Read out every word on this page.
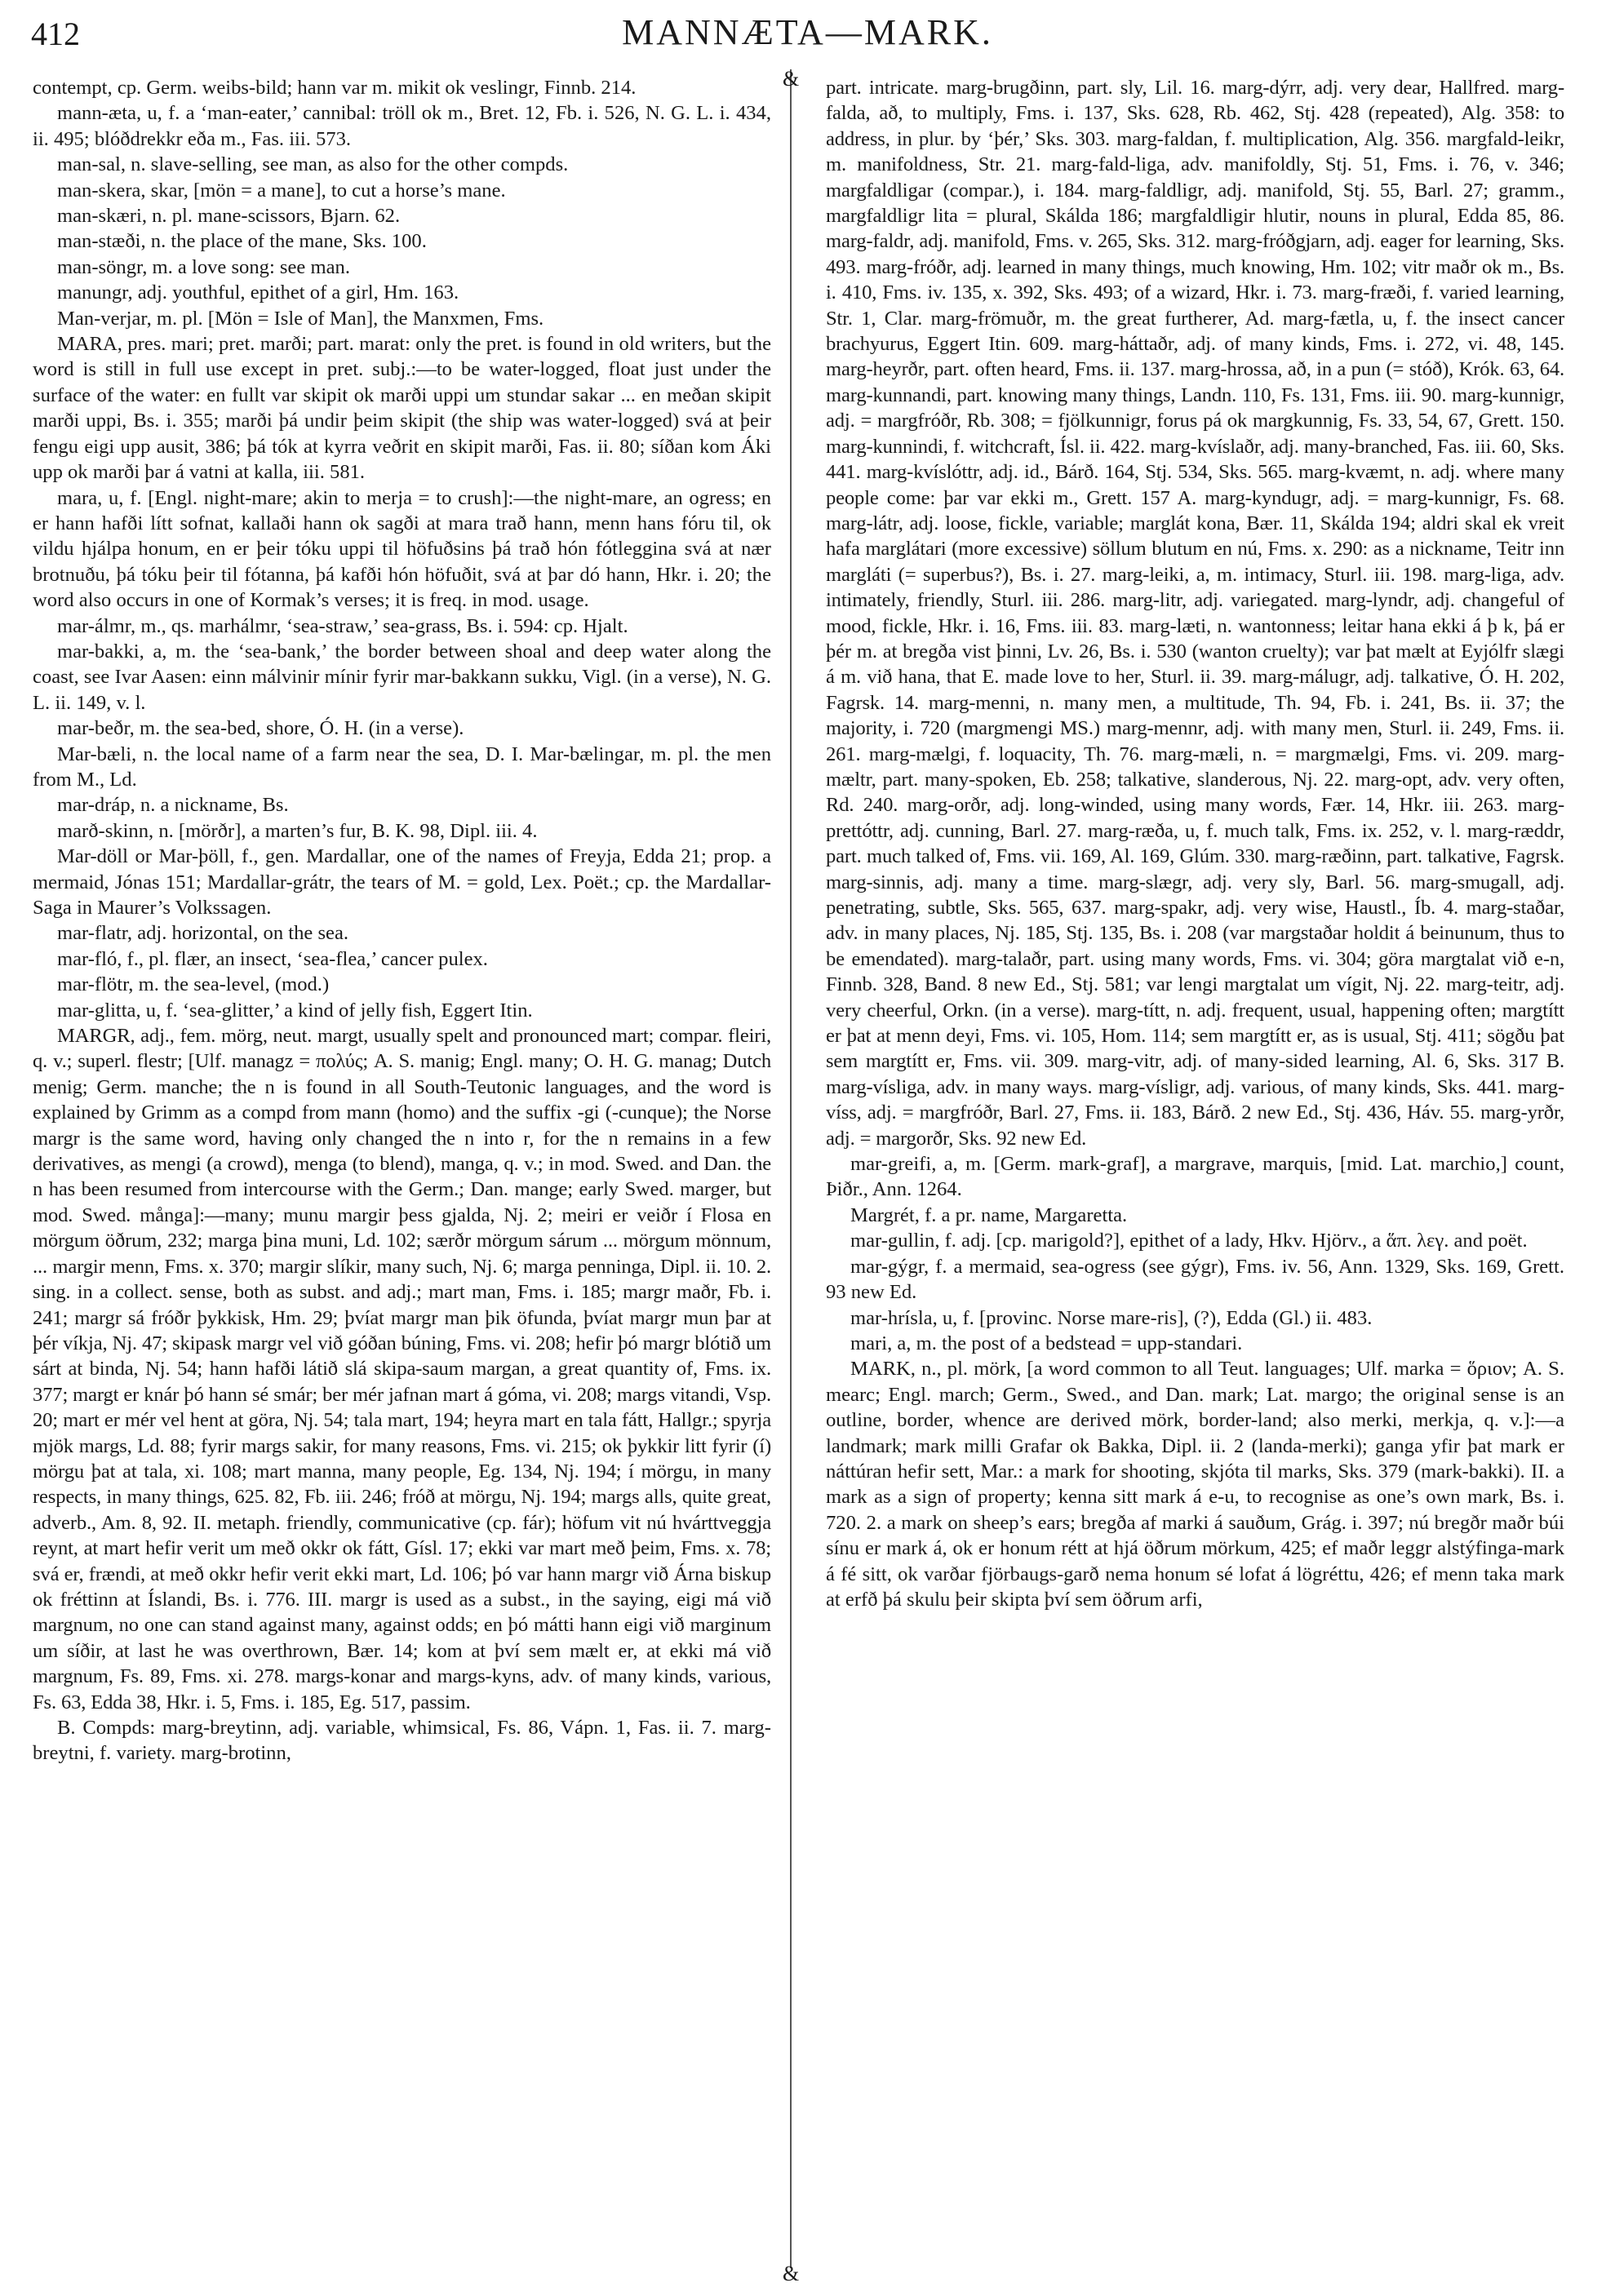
412	MANNÆTA—MARK.
&
&

contempt, cp. Germ. weibs-bild; hann var m. mikit ok veslingr, Finnb. 214.

mann-æta, u, f. a ‘man-eater,’ cannibal: tröll ok m., Bret. 12, Fb. i. 526, N. G. L. i. 434, ii. 495; blóðdrekkr eða m., Fas. iii. 573.

man-sal, n. slave-selling, see man, as also for the other compds.

man-skera, skar, [mön = a mane], to cut a horse’s mane.

man-skæri, n. pl. mane-scissors, Bjarn. 62.

man-stæði, n. the place of the mane, Sks. 100.

man-söngr, m. a love song: see man.

manungr, adj. youthful, epithet of a girl, Hm. 163.

Man-verjar, m. pl. [Mön = Isle of Man], the Manxmen, Fms.

MARA, pres. mari; pret. marði; part. marat: only the pret. is found in old writers, but the word is still in full use except in pret. subj.:—to be water-logged, float just under the surface of the water: en fullt var skipit ok marði uppi um stundar sakar ... en meðan skipit marði uppi, Bs. i. 355; marði þá undir þeim skipit (the ship was water-logged) svá at þeir fengu eigi upp ausit, 386; þá tók at kyrra veðrit en skipit marði, Fas. ii. 80; síðan kom Áki upp ok marði þar á vatni at kalla, iii. 581.

mara, u, f. [Engl. night-mare; akin to merja = to crush]:—the night-mare, an ogress; en er hann hafði lítt sofnat, kallaði hann ok sagði at mara trað hann, menn hans fóru til, ok vildu hjálpa honum, en er þeir tóku uppi til höfuðsins þá trað hón fótleggina svá at nær brotnuðu, þá tóku þeir til fótanna, þá kafði hón höfuðit, svá at þar dó hann, Hkr. i. 20; the word also occurs in one of Kormak’s verses; it is freq. in mod. usage.

mar-álmr, m., qs. marhálmr, ‘sea-straw,’ sea-grass, Bs. i. 594: cp. Hjalt.

mar-bakki, a, m. the ‘sea-bank,’ the border between shoal and deep water along the coast, see Ivar Aasen: einn málvinir mínir fyrir mar-bakkann sukku, Vigl. (in a verse), N. G. L. ii. 149, v. l.

mar-beðr, m. the sea-bed, shore, Ó. H. (in a verse).

Mar-bæli, n. the local name of a farm near the sea, D. I. Mar-bælingar, m. pl. the men from M., Ld.

mar-dráp, n. a nickname, Bs.

marð-skinn, n. [mörðr], a marten’s fur, B. K. 98, Dipl. iii. 4.

Mar-döll or Mar-þöll, f., gen. Mardallar, one of the names of Freyja, Edda 21; prop. a mermaid, Jónas 151; Mardallar-grátr, the tears of M. = gold, Lex. Poët.; cp. the Mardallar-Saga in Maurer’s Volkssagen.

mar-flatr, adj. horizontal, on the sea.

mar-fló, f., pl. flær, an insect, ‘sea-flea,’ cancer pulex.

mar-flötr, m. the sea-level, (mod.)

mar-glitta, u, f. ‘sea-glitter,’ a kind of jelly fish, Eggert Itin.

MARGR, adj., fem. mörg, neut. margt, usually spelt and pronounced mart; compar. fleiri, q. v.; superl. flestr; [Ulf. managz = πολύς; A. S. manig; Engl. many; O. H. G. manag; Dutch menig; Germ. manche; the n is found in all South-Teutonic languages, and the word is explained by Grimm as a compd from mann (homo) and the suffix -gi (-cunque); the Norse margr is the same word, having only changed the n into r, for the n remains in a few derivatives, as mengi (a crowd), menga (to blend), manga, q. v.; in mod. Swed. and Dan. the n has been resumed from intercourse with the Germ.; Dan. mange; early Swed. marger, but mod. Swed. många]:—many; munu margir þess gjalda, Nj. 2; meiri er veiðr í Flosa en mörgum öðrum, 232; marga þina muni, Ld. 102; særðr mörgum sárum ... mörgum mönnum, ... margir menn, Fms. x. 370; margir slíkir, many such, Nj. 6; marga penninga, Dipl. ii. 10. 2. sing. in a collect. sense, both as subst. and adj.; mart man, Fms. i. 185; margr maðr, Fb. i. 241; margr sá fróðr þykkisk, Hm. 29; þvíat margr man þik öfunda, þvíat margr mun þar at þér víkja, Nj. 47; skipask margr vel við góðan búning, Fms. vi. 208; hefir þó margr blótið um sárt at binda, Nj. 54; hann hafði látið slá skipa-saum margan, a great quantity of, Fms. ix. 377; margt er knár þó hann sé smár; ber mér jafnan mart á góma, vi. 208; margs vitandi, Vsp. 20; mart er mér vel hent at göra, Nj. 54; tala mart, 194; heyra mart en tala fátt, Hallgr.; spyrja mjök margs, Ld. 88; fyrir margs sakir, for many reasons, Fms. vi. 215; ok þykkir litt fyrir (í) mörgu þat at tala, xi. 108; mart manna, many people, Eg. 134, Nj. 194; í mörgu, in many respects, in many things, 625. 82, Fb. iii. 246; fróð at mörgu, Nj. 194; margs alls, quite great, adverb., Am. 8, 92. II. metaph. friendly, communicative (cp. fár); höfum vit nú hvárttveggja reynt, at mart hefir verit um með okkr ok fátt, Gísl. 17; ekki var mart með þeim, Fms. x. 78; svá er, frændi, at með okkr hefir verit ekki mart, Ld. 106; þó var hann margr við Árna biskup ok fréttinn at Íslandi, Bs. i. 776. III. margr is used as a subst., in the saying, eigi má við margnum, no one can stand against many, against odds; en þó mátti hann eigi við marginum um síðir, at last he was overthrown, Bær. 14; kom at því sem mælt er, at ekki má við margnum, Fs. 89, Fms. xi. 278. margs-konar and margs-kyns, adv. of many kinds, various, Fs. 63, Edda 38, Hkr. i. 5, Fms. i. 185, Eg. 517, passim.

B. Compds: marg-breytinn, adj. variable, whimsical, Fs. 86, Vápn. 1, Fas. ii. 7. marg-breytni, f. variety. marg-brotinn,

part. intricate. marg-brugðinn, part. sly, Lil. 16. marg-dýrr, adj. very dear, Hallfred. marg-falda, að, to multiply, Fms. i. 137, Sks. 628, Rb. 462, Stj. 428 (repeated), Alg. 358: to address, in plur. by ‘þér,’ Sks. 303. marg-faldan, f. multiplication, Alg. 356. margfald-leikr, m. manifoldness, Str. 21. marg-fald-liga, adv. manifoldly, Stj. 51, Fms. i. 76, v. 346; margfaldligar (compar.), i. 184. marg-faldligr, adj. manifold, Stj. 55, Barl. 27; gramm., margfaldligr lita = plural, Skálda 186; margfaldligir hlutir, nouns in plural, Edda 85, 86. marg-faldr, adj. manifold, Fms. v. 265, Sks. 312. marg-fróðgjarn, adj. eager for learning, Sks. 493. marg-fróðr, adj. learned in many things, much knowing, Hm. 102; vitr maðr ok m., Bs. i. 410, Fms. iv. 135, x. 392, Sks. 493; of a wizard, Hkr. i. 73. marg-fræði, f. varied learning, Str. 1, Clar. marg-frömuðr, m. the great furtherer, Ad. marg-fætla, u, f. the insect cancer brachyurus, Eggert Itin. 609. marg-háttaðr, adj. of many kinds, Fms. i. 272, vi. 48, 145. marg-heyrðr, part. often heard, Fms. ii. 137. marg-hrossa, að, in a pun (= stóð), Krók. 63, 64. marg-kunnandi, part. knowing many things, Landn. 110, Fs. 131, Fms. iii. 90. marg-kunnigr, adj. = margfróðr, Rb. 308; = fjölkunnigr, forus pá ok margkunnig, Fs. 33, 54, 67, Grett. 150. marg-kunnindi, f. witchcraft, Ísl. ii. 422. marg-kvíslaðr, adj. many-branched, Fas. iii. 60, Sks. 441. marg-kvíslóttr, adj. id., Bárð. 164, Stj. 534, Sks. 565. marg-kvæmt, n. adj. where many people come: þar var ekki m., Grett. 157 A. marg-kyndugr, adj. = marg-kunnigr, Fs. 68. marg-látr, adj. loose, fickle, variable; marglát kona, Bær. 11, Skálda 194; aldri skal ek vreit hafa marglátari (more excessive) söllum blutum en nú, Fms. x. 290: as a nickname, Teitr inn margláti (= superbus?), Bs. i. 27. marg-leiki, a, m. intimacy, Sturl. iii. 198. marg-liga, adv. intimately, friendly, Sturl. iii. 286. marg-litr, adj. variegated. marg-lyndr, adj. changeful of mood, fickle, Hkr. i. 16, Fms. iii. 83. marg-læti, n. wantonness; leitar hana ekki á þ k, þá er þér m. at bregða vist þinni, Lv. 26, Bs. i. 530 (wanton cruelty); var þat mælt at Eyjólfr slægi á m. við hana, that E. made love to her, Sturl. ii. 39. marg-málugr, adj. talkative, Ó. H. 202, Fagrsk. 14. marg-menni, n. many men, a multitude, Th. 94, Fb. i. 241, Bs. ii. 37; the majority, i. 720 (margmengi MS.) marg-mennr, adj. with many men, Sturl. ii. 249, Fms. ii. 261. marg-mælgi, f. loquacity, Th. 76. marg-mæli, n. = margmælgi, Fms. vi. 209. marg-mæltr, part. many-spoken, Eb. 258; talkative, slanderous, Nj. 22. marg-opt, adv. very often, Rd. 240. marg-orðr, adj. long-winded, using many words, Fær. 14, Hkr. iii. 263. marg-prettóttr, adj. cunning, Barl. 27. marg-ræða, u, f. much talk, Fms. ix. 252, v. l. marg-ræddr, part. much talked of, Fms. vii. 169, Al. 169, Glúm. 330. marg-ræðinn, part. talkative, Fagrsk. marg-sinnis, adj. many a time. marg-slægr, adj. very sly, Barl. 56. marg-smugall, adj. penetrating, subtle, Sks. 565, 637. marg-spakr, adj. very wise, Haustl., Íb. 4. marg-staðar, adv. in many places, Nj. 185, Stj. 135, Bs. i. 208 (var margstaðar holdit á beinunum, thus to be emendated). marg-talaðr, part. using many words, Fms. vi. 304; göra margtalat við e-n, Finnb. 328, Band. 8 new Ed., Stj. 581; var lengi margtalat um vígit, Nj. 22. marg-teitr, adj. very cheerful, Orkn. (in a verse). marg-títt, n. adj. frequent, usual, happening often; margtítt er þat at menn deyi, Fms. vi. 105, Hom. 114; sem margtítt er, as is usual, Stj. 411; sögðu þat sem margtítt er, Fms. vii. 309. marg-vitr, adj. of many-sided learning, Al. 6, Sks. 317 B. marg-vísliga, adv. in many ways. marg-vísligr, adj. various, of many kinds, Sks. 441. marg-víss, adj. = margfróðr, Barl. 27, Fms. ii. 183, Bárð. 2 new Ed., Stj. 436, Háv. 55. marg-yrðr, adj. = margorðr, Sks. 92 new Ed.

mar-greifi, a, m. [Germ. mark-graf], a margrave, marquis, [mid. Lat. marchio,] count, Þiðr., Ann. 1264.

Margrét, f. a pr. name, Margaretta.

mar-gullin, f. adj. [cp. marigold?], epithet of a lady, Hkv. Hjörv., a ἅπ. λεγ. and poët.

mar-gýgr, f. a mermaid, sea-ogress (see gýgr), Fms. iv. 56, Ann. 1329, Sks. 169, Grett. 93 new Ed.

mar-hrísla, u, f. [provinc. Norse mare-ris], (?), Edda (Gl.) ii. 483.

mari, a, m. the post of a bedstead = upp-standari.

MARK, n., pl. mörk, [a word common to all Teut. languages; Ulf. marka = ὅριον; A. S. mearc; Engl. march; Germ., Swed., and Dan. mark; Lat. margo; the original sense is an outline, border, whence are derived mörk, border-land; also merki, merkja, q. v.]:—a landmark; mark milli Grafar ok Bakka, Dipl. ii. 2 (landa-merki); ganga yfir þat mark er náttúran hefir sett, Mar.: a mark for shooting, skjóta til marks, Sks. 379 (mark-bakki). II. a mark as a sign of property; kenna sitt mark á e-u, to recognise as one’s own mark, Bs. i. 720. 2. a mark on sheep’s ears; bregða af marki á sauðum, Grág. i. 397; nú bregðr maðr búi sínu er mark á, ok er honum rétt at hjá öðrum mörkum, 425; ef maðr leggr alstýfinga-mark á fé sitt, ok varðar fjörbaugs-garð nema honum sé lofat á lögréttu, 426; ef menn taka mark at erfð þá skulu þeir skipta því sem öðrum arfi,
